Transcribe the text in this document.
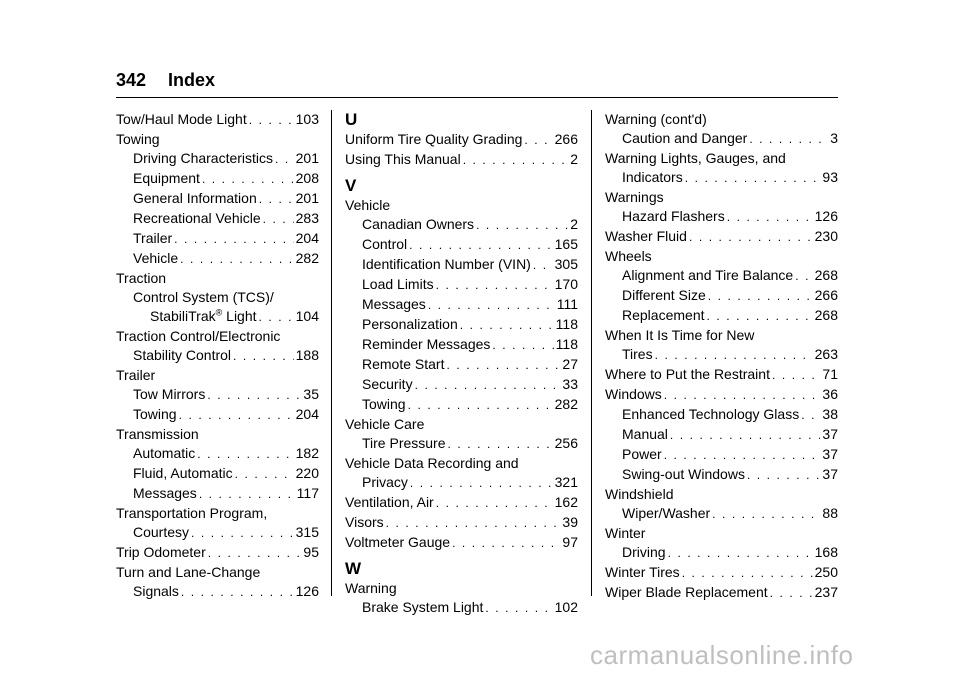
342 Index
Tow/Haul Mode Light . . .	103
Towing
Driving Characteristics . . . 201
Equipment . . .	208
General Information . . .	201
Recreational Vehicle . . .	283
Trailer . . .	204
Vehicle . . .	282
Traction
Control System (TCS)/
StabiliTrak® Light . . .	104
Traction Control/Electronic
Stability Control . . .	188
Trailer
Tow Mirrors . . .	35
Towing . . .	204
Transmission
Automatic . . .	182
Fluid, Automatic . . .	220
Messages . . .	117
Transportation Program,
Courtesy . . .	315
Trip Odometer . . .	95
Turn and Lane-Change
Signals . . .	126
U
Uniform Tire Quality Grading . . . 266
Using This Manual . . .	2
V
Vehicle
Canadian Owners . . .	2
Control . . .	165
Identification Number (VIN) . . . 305
Load Limits . . .	170
Messages . . .	111
Personalization . . .	118
Reminder Messages . . .	118
Remote Start . . .	27
Security . . .	33
Towing . . .	282
Vehicle Care
Tire Pressure . . .	256
Vehicle Data Recording and
Privacy . . .	321
Ventilation, Air . . .	162
Visors . . .	39
Voltmeter Gauge . . .	97
W
Warning
Brake System Light . . .	102
Warning (cont'd)
Caution and Danger . . .	3
Warning Lights, Gauges, and
Indicators . . .	93
Warnings
Hazard Flashers . . .	126
Washer Fluid . . .	230
Wheels
Alignment and Tire Balance . . . 268
Different Size . . .	266
Replacement . . .	268
When It Is Time for New
Tires . . .	263
Where to Put the Restraint . . .	71
Windows . . .	36
Enhanced Technology Glass . . . 38
Manual . . .	37
Power . . .	37
Swing-out Windows . . .	37
Windshield
Wiper/Washer . . .	88
Winter
Driving . . .	168
Winter Tires . . .	250
Wiper Blade Replacement . . .	237
carmanualsonline.info
